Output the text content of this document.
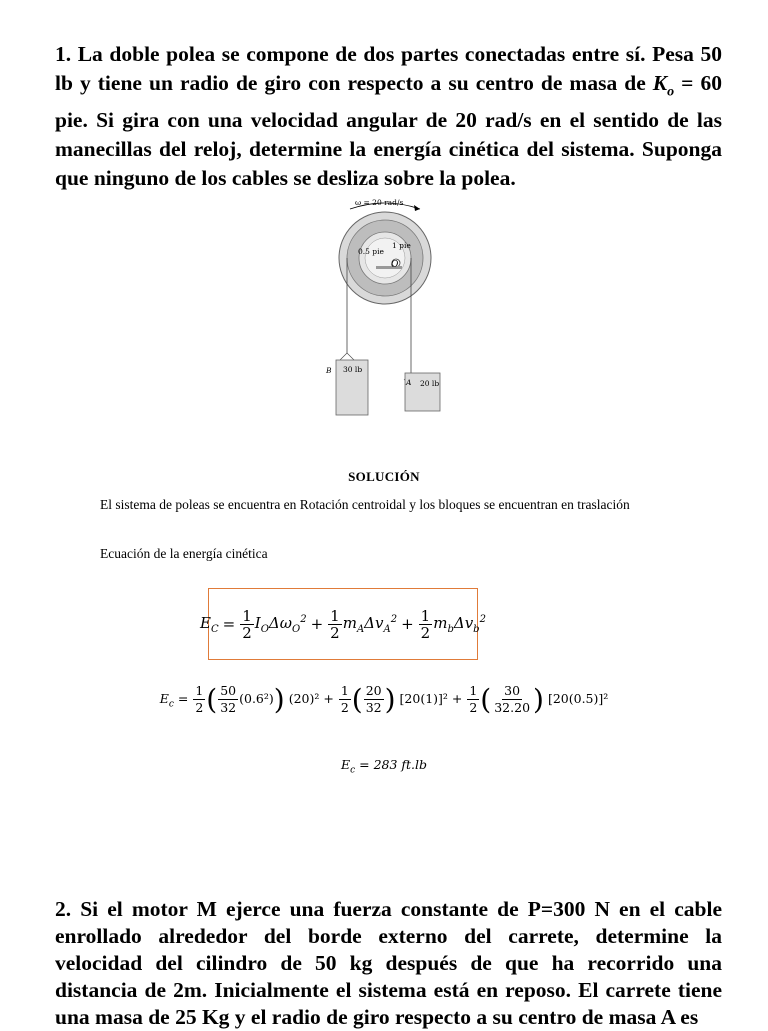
1. La doble polea se compone de dos partes conectadas entre sí. Pesa 50 lb y tiene un radio de giro con respecto a su centro de masa de $K_o = 60$ pie. Si gira con una velocidad angular de 20 rad/s en el sentido de las manecillas del reloj, determine la energía cinética del sistema. Suponga que ninguno de los cables se desliza sobre la polea.
ω = 20 rad/s
0.5 pie
1 pie
O
B 30 lb
A 20 lb
SOLUCIÓN
El sistema de poleas se encuentra en Rotación centroidal y los bloques se encuentran en traslación
Ecuación de la energía cinética
$E_C = \frac{1}{2} I_O\Delta\omega_O^2 + \frac{1}{2} m_A\Delta v_A^2 + \frac{1}{2} m_b\Delta v_b^2$
$E_c = \frac{1}{2}$ ( $\frac{50}{32} (0.6^2)$) $(20)^2 + \frac{1}{2}$ ( $\frac{20}{32}$ ) $[20(1)]^2 + \frac{1}{2}$ ( $\frac{30}{32.20}$ ) [20(0.5)]²
$E_c = 283$ ft.lb
2. Si el motor M ejerce una fuerza constante de P=300 N en el cable enrollado alrededor del borde externo del carrete, determine la velocidad del cilindro de 50 kg después de que ha recorrido una distancia de 2m. Inicialmente el sistema está en reposo. El carrete tiene una masa de 25 Kg y el radio de giro respecto a su centro de masa A es
